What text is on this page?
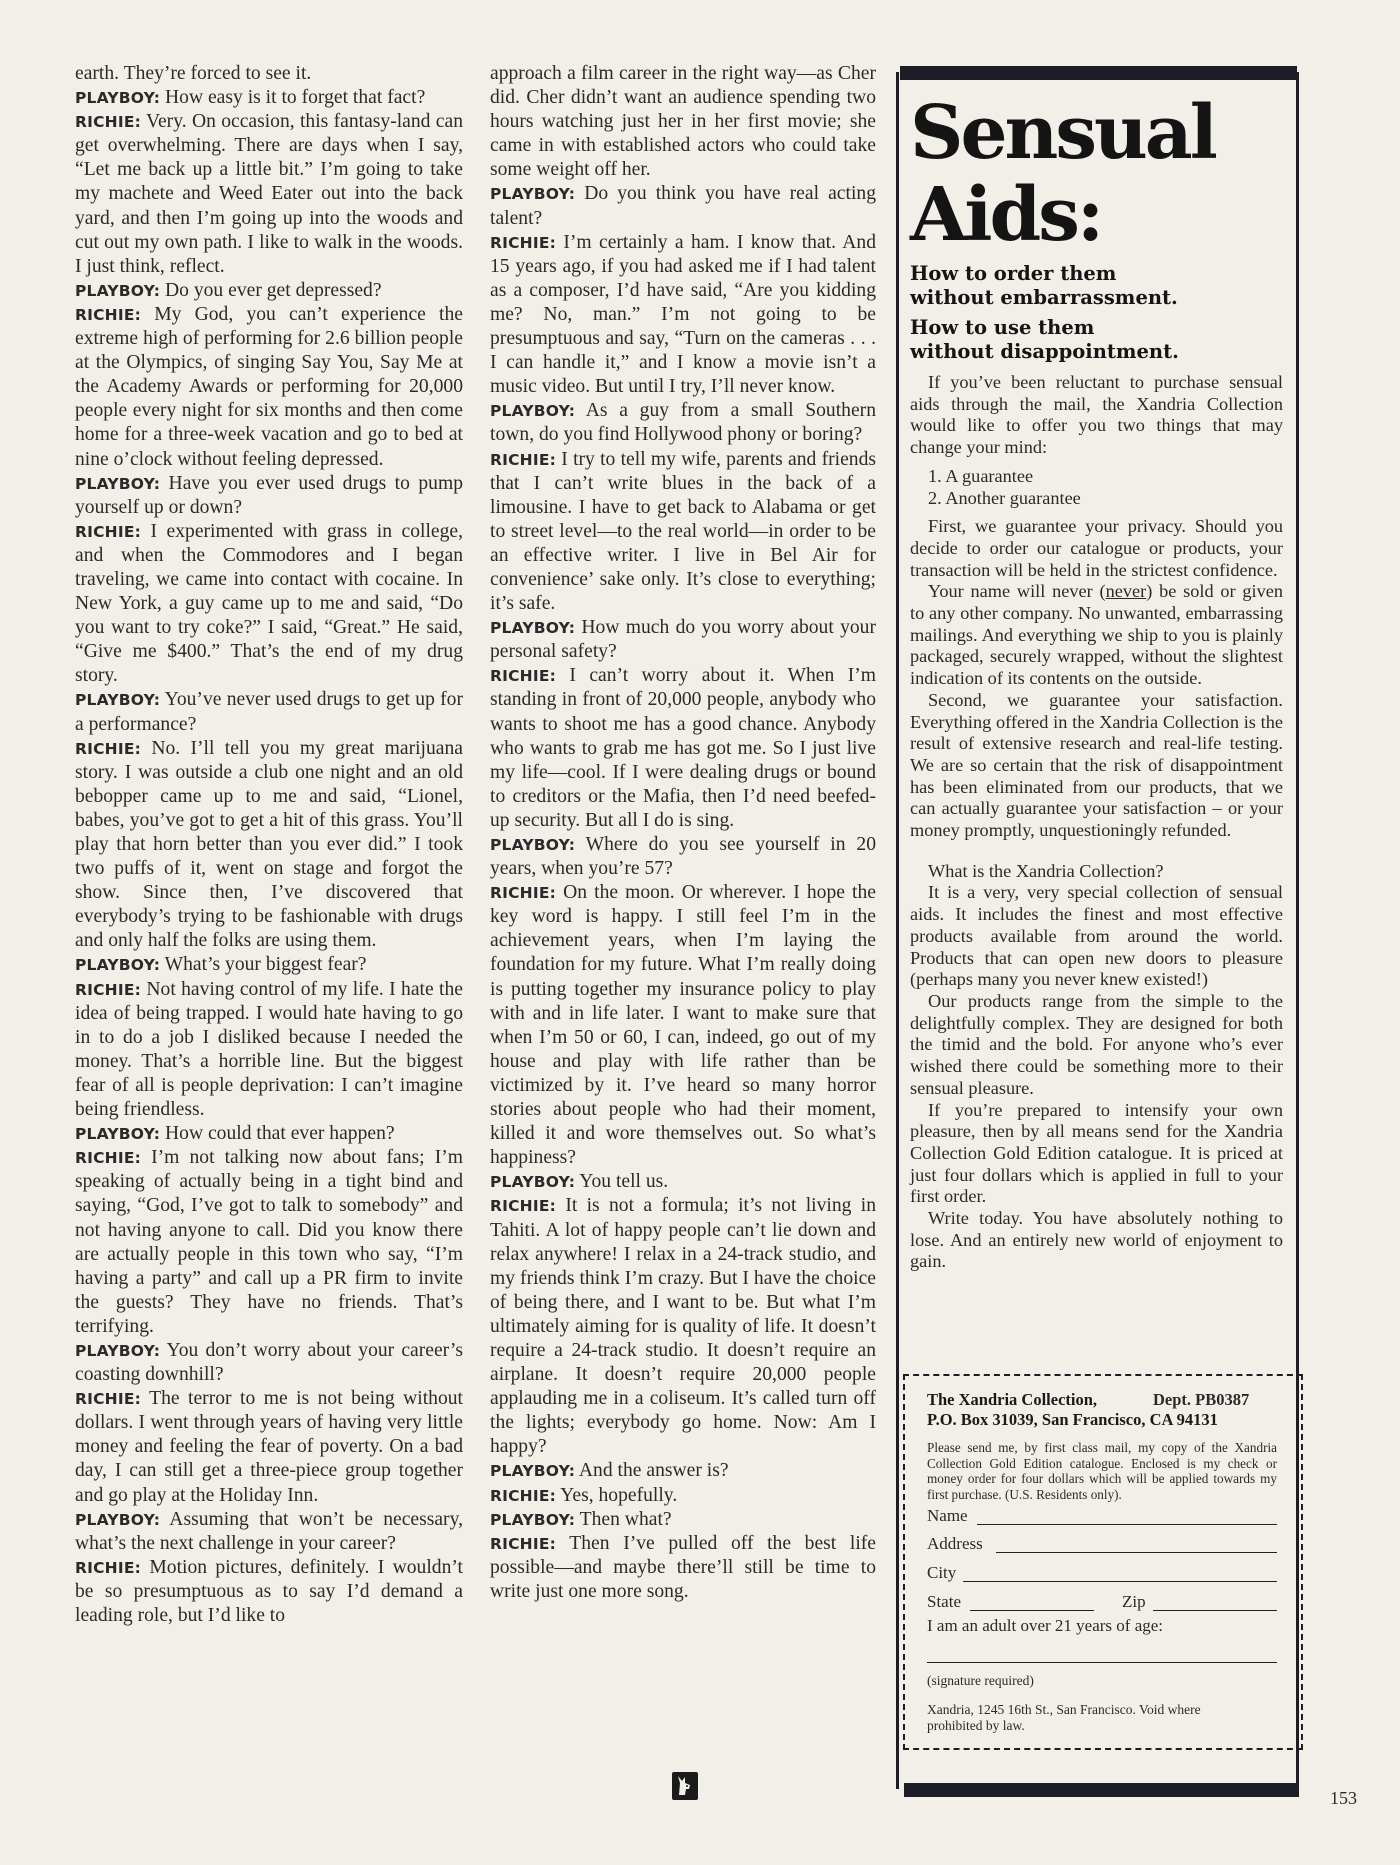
earth. They’re forced to see it.

PLAYBOY: How easy is it to forget that fact?

RICHIE: Very. On occasion, this fantasy-land can get overwhelming. There are days when I say, “Let me back up a little bit.” I’m going to take my machete and Weed Eater out into the back yard, and then I’m going up into the woods and cut out my own path. I like to walk in the woods. I just think, reflect.

PLAYBOY: Do you ever get depressed?

RICHIE: My God, you can’t experience the extreme high of performing for 2.6 billion people at the Olympics, of singing Say You, Say Me at the Academy Awards or performing for 20,000 people every night for six months and then come home for a three-week vacation and go to bed at nine o’clock without feeling depressed.

PLAYBOY: Have you ever used drugs to pump yourself up or down?

RICHIE: I experimented with grass in college, and when the Commodores and I began traveling, we came into contact with cocaine. In New York, a guy came up to me and said, “Do you want to try coke?” I said, “Great.” He said, “Give me $400.” That’s the end of my drug story.

PLAYBOY: You’ve never used drugs to get up for a performance?

RICHIE: No. I’ll tell you my great marijuana story. I was outside a club one night and an old bebopper came up to me and said, “Lionel, babes, you’ve got to get a hit of this grass. You’ll play that horn better than you ever did.” I took two puffs of it, went on stage and forgot the show. Since then, I’ve discovered that everybody’s trying to be fashionable with drugs and only half the folks are using them.

PLAYBOY: What’s your biggest fear?

RICHIE: Not having control of my life. I hate the idea of being trapped. I would hate having to go in to do a job I disliked because I needed the money. That’s a horrible line. But the biggest fear of all is people deprivation: I can’t imagine being friendless.

PLAYBOY: How could that ever happen?

RICHIE: I’m not talking now about fans; I’m speaking of actually being in a tight bind and saying, “God, I’ve got to talk to somebody” and not having anyone to call. Did you know there are actually people in this town who say, “I’m having a party” and call up a PR firm to invite the guests? They have no friends. That’s terrifying.

PLAYBOY: You don’t worry about your career’s coasting downhill?

RICHIE: The terror to me is not being without dollars. I went through years of having very little money and feeling the fear of poverty. On a bad day, I can still get a three-piece group together and go play at the Holiday Inn.

PLAYBOY: Assuming that won’t be necessary, what’s the next challenge in your career?

RICHIE: Motion pictures, definitely. I wouldn’t be so presumptuous as to say I’d demand a leading role, but I’d like to

approach a film career in the right way—as Cher did. Cher didn’t want an audience spending two hours watching just her in her first movie; she came in with established actors who could take some weight off her.

PLAYBOY: Do you think you have real acting talent?

RICHIE: I’m certainly a ham. I know that. And 15 years ago, if you had asked me if I had talent as a composer, I’d have said, “Are you kidding me? No, man.” I’m not going to be presumptuous and say, “Turn on the cameras . . . I can handle it,” and I know a movie isn’t a music video. But until I try, I’ll never know.

PLAYBOY: As a guy from a small Southern town, do you find Hollywood phony or boring?

RICHIE: I try to tell my wife, parents and friends that I can’t write blues in the back of a limousine. I have to get back to Alabama or get to street level—to the real world—in order to be an effective writer. I live in Bel Air for convenience’ sake only. It’s close to everything; it’s safe.

PLAYBOY: How much do you worry about your personal safety?

RICHIE: I can’t worry about it. When I’m standing in front of 20,000 people, anybody who wants to shoot me has a good chance. Anybody who wants to grab me has got me. So I just live my life—cool. If I were dealing drugs or bound to creditors or the Mafia, then I’d need beefed-up security. But all I do is sing.

PLAYBOY: Where do you see yourself in 20 years, when you’re 57?

RICHIE: On the moon. Or wherever. I hope the key word is happy. I still feel I’m in the achievement years, when I’m laying the foundation for my future. What I’m really doing is putting together my insurance policy to play with and in life later. I want to make sure that when I’m 50 or 60, I can, indeed, go out of my house and play with life rather than be victimized by it. I’ve heard so many horror stories about people who had their moment, killed it and wore themselves out. So what’s happiness?

PLAYBOY: You tell us.

RICHIE: It is not a formula; it’s not living in Tahiti. A lot of happy people can’t lie down and relax anywhere! I relax in a 24-track studio, and my friends think I’m crazy. But I have the choice of being there, and I want to be. But what I’m ultimately aiming for is quality of life. It doesn’t require a 24-track studio. It doesn’t require an airplane. It doesn’t require 20,000 people applauding me in a coliseum. It’s called turn off the lights; everybody go home. Now: Am I happy?

PLAYBOY: And the answer is?

RICHIE: Yes, hopefully.

PLAYBOY: Then what?

RICHIE: Then I’ve pulled off the best life possible—and maybe there’ll still be time to write just one more song.

Sensual
Aids:
How to order them
without embarrassment.
How to use them
without disappointment.

If you’ve been reluctant to purchase sensual aids through the mail, the Xandria Collection would like to offer you two things that may change your mind:

1. A guarantee
2. Another guarantee

First, we guarantee your privacy. Should you decide to order our catalogue or products, your transaction will be held in the strictest confidence.

Your name will never (never) be sold or given to any other company. No unwanted, embarrassing mailings. And everything we ship to you is plainly packaged, securely wrapped, without the slightest indication of its contents on the outside.

Second, we guarantee your satisfaction. Everything offered in the Xandria Collection is the result of extensive research and real-life testing. We are so certain that the risk of disappointment has been eliminated from our products, that we can actually guarantee your satisfaction – or your money promptly, unquestioningly refunded.

What is the Xandria Collection?

It is a very, very special collection of sensual aids. It includes the finest and most effective products available from around the world. Products that can open new doors to pleasure (perhaps many you never knew existed!)

Our products range from the simple to the delightfully complex. They are designed for both the timid and the bold. For anyone who’s ever wished there could be something more to their sensual pleasure.

If you’re prepared to intensify your own pleasure, then by all means send for the Xandria Collection Gold Edition catalogue. It is priced at just four dollars which is applied in full to your first order.

Write today. You have absolutely nothing to lose. And an entirely new world of enjoyment to gain.

The Xandria Collection,
P.O. Box 31039, San Francisco, CA 94131
Dept. PB0387
Please send me, by first class mail, my copy of the Xandria Collection Gold Edition catalogue. Enclosed is my check or money order for four dollars which will be applied towards my first purchase. (U.S. Residents only).
Name
Address
City
State	Zip
I am an adult over 21 years of age:
(signature required)
Xandria, 1245 16th St., San Francisco. Void where prohibited by law.
153
